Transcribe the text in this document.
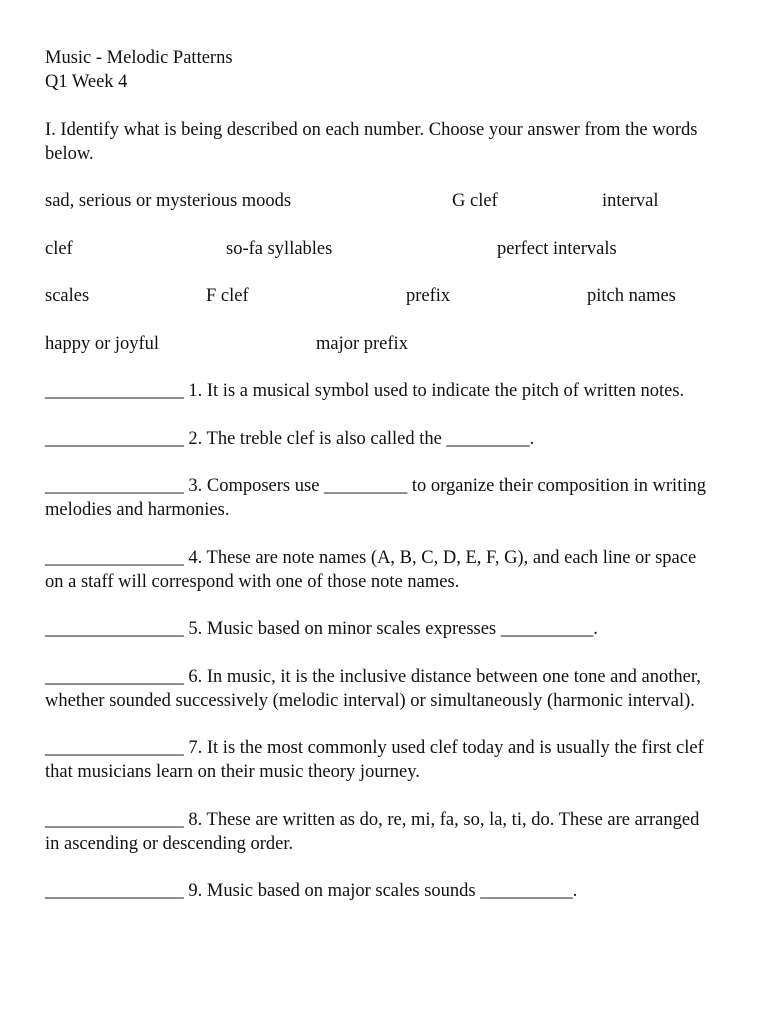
Music - Melodic Patterns
Q1 Week 4
I. Identify what is being described on each number. Choose your answer from the words below.
sad, serious or mysterious moods	G clef	interval
clef	so-fa syllables	perfect intervals
scales	F clef	prefix	pitch names
happy or joyful	major prefix
_______________ 1. It is a musical symbol used to indicate the pitch of written notes.
_______________ 2. The treble clef is also called the _________.
_______________ 3. Composers use _________ to organize their composition in writing melodies and harmonies.
_______________ 4. These are note names (A, B, C, D, E, F, G), and each line or space on a staff will correspond with one of those note names.
_______________ 5. Music based on minor scales expresses __________.
_______________ 6. In music, it is the inclusive distance between one tone and another, whether sounded successively (melodic interval) or simultaneously (harmonic interval).
_______________ 7. It is the most commonly used clef today and is usually the first clef that musicians learn on their music theory journey.
_______________ 8. These are written as do, re, mi, fa, so, la, ti, do. These are arranged in ascending or descending order.
_______________ 9. Music based on major scales sounds __________.
